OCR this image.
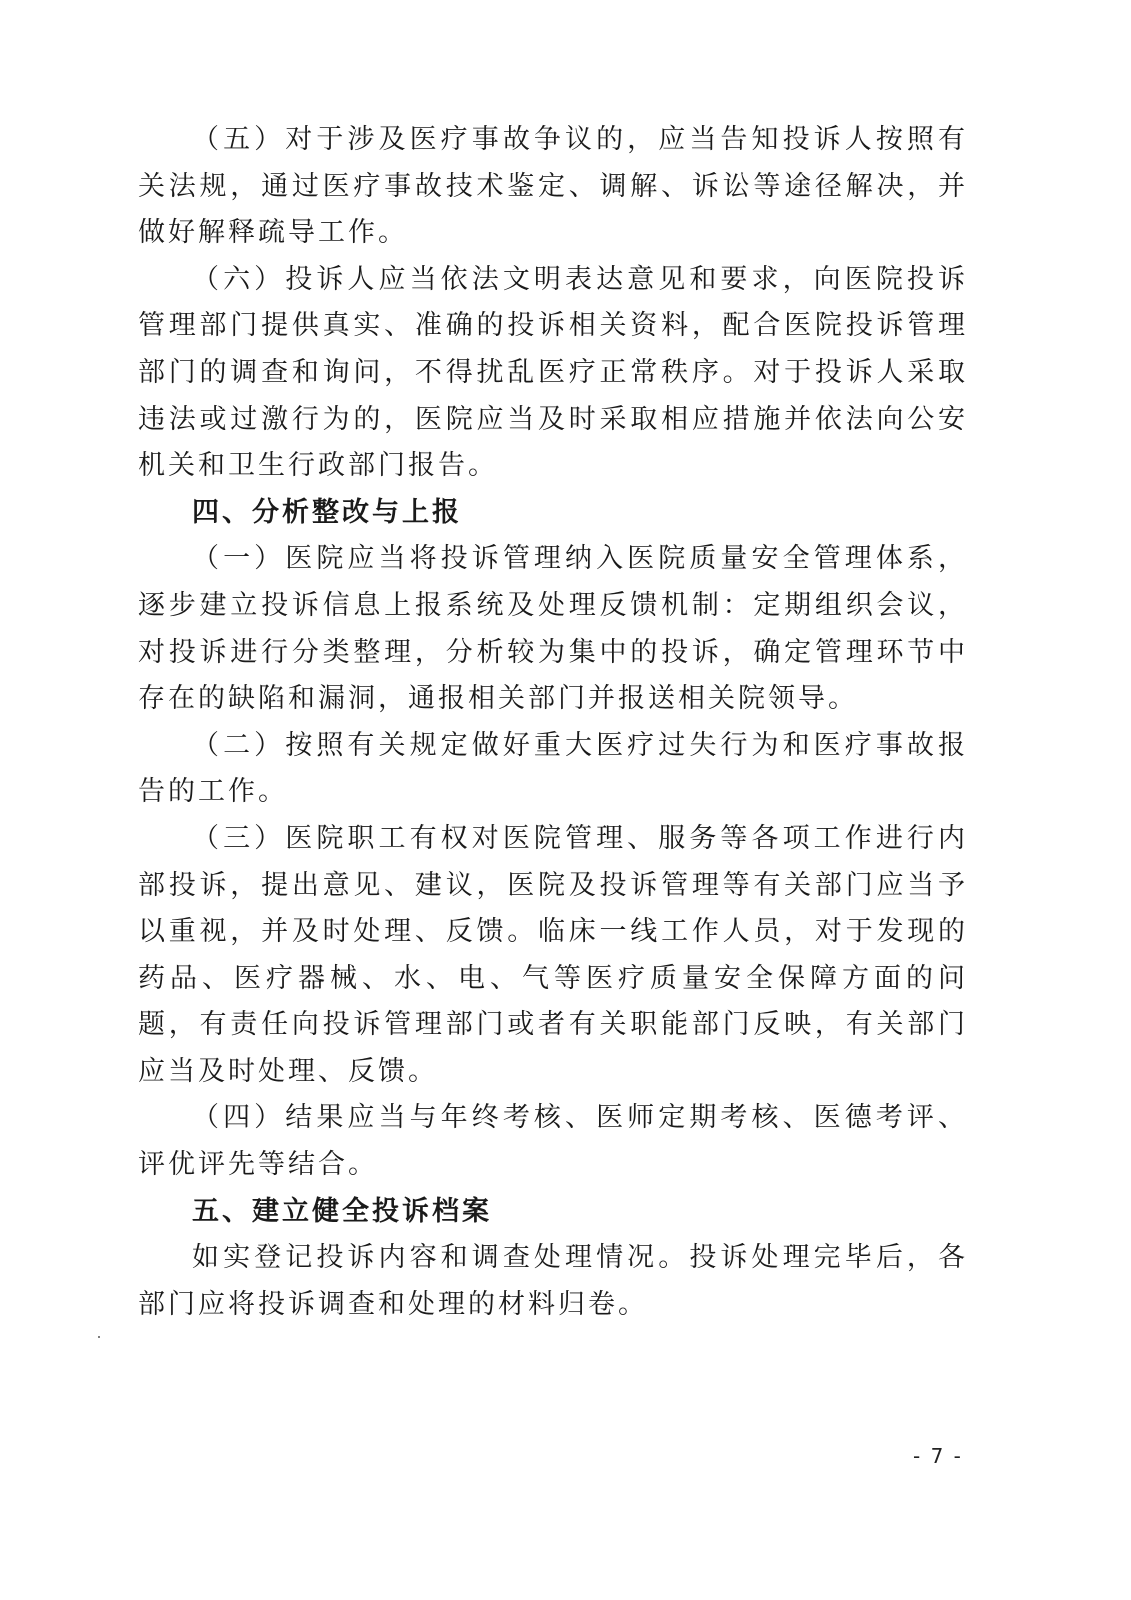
（五）对于涉及医疗事故争议的，应当告知投诉人按照有关法规，通过医疗事故技术鉴定、调解、诉讼等途径解决，并做好解释疏导工作。

（六）投诉人应当依法文明表达意见和要求，向医院投诉管理部门提供真实、准确的投诉相关资料，配合医院投诉管理部门的调查和询问，不得扰乱医疗正常秩序。对于投诉人采取违法或过激行为的，医院应当及时采取相应措施并依法向公安机关和卫生行政部门报告。

四、分析整改与上报

（一）医院应当将投诉管理纳入医院质量安全管理体系，逐步建立投诉信息上报系统及处理反馈机制：定期组织会议，对投诉进行分类整理，分析较为集中的投诉，确定管理环节中存在的缺陷和漏洞，通报相关部门并报送相关院领导。

（二）按照有关规定做好重大医疗过失行为和医疗事故报告的工作。

（三）医院职工有权对医院管理、服务等各项工作进行内部投诉，提出意见、建议，医院及投诉管理等有关部门应当予以重视，并及时处理、反馈。临床一线工作人员，对于发现的药品、医疗器械、水、电、气等医疗质量安全保障方面的问题，有责任向投诉管理部门或者有关职能部门反映，有关部门应当及时处理、反馈。

（四）结果应当与年终考核、医师定期考核、医德考评、评优评先等结合。

五、建立健全投诉档案

如实登记投诉内容和调查处理情况。投诉处理完毕后，各部门应将投诉调查和处理的材料归卷。

- 7 -
